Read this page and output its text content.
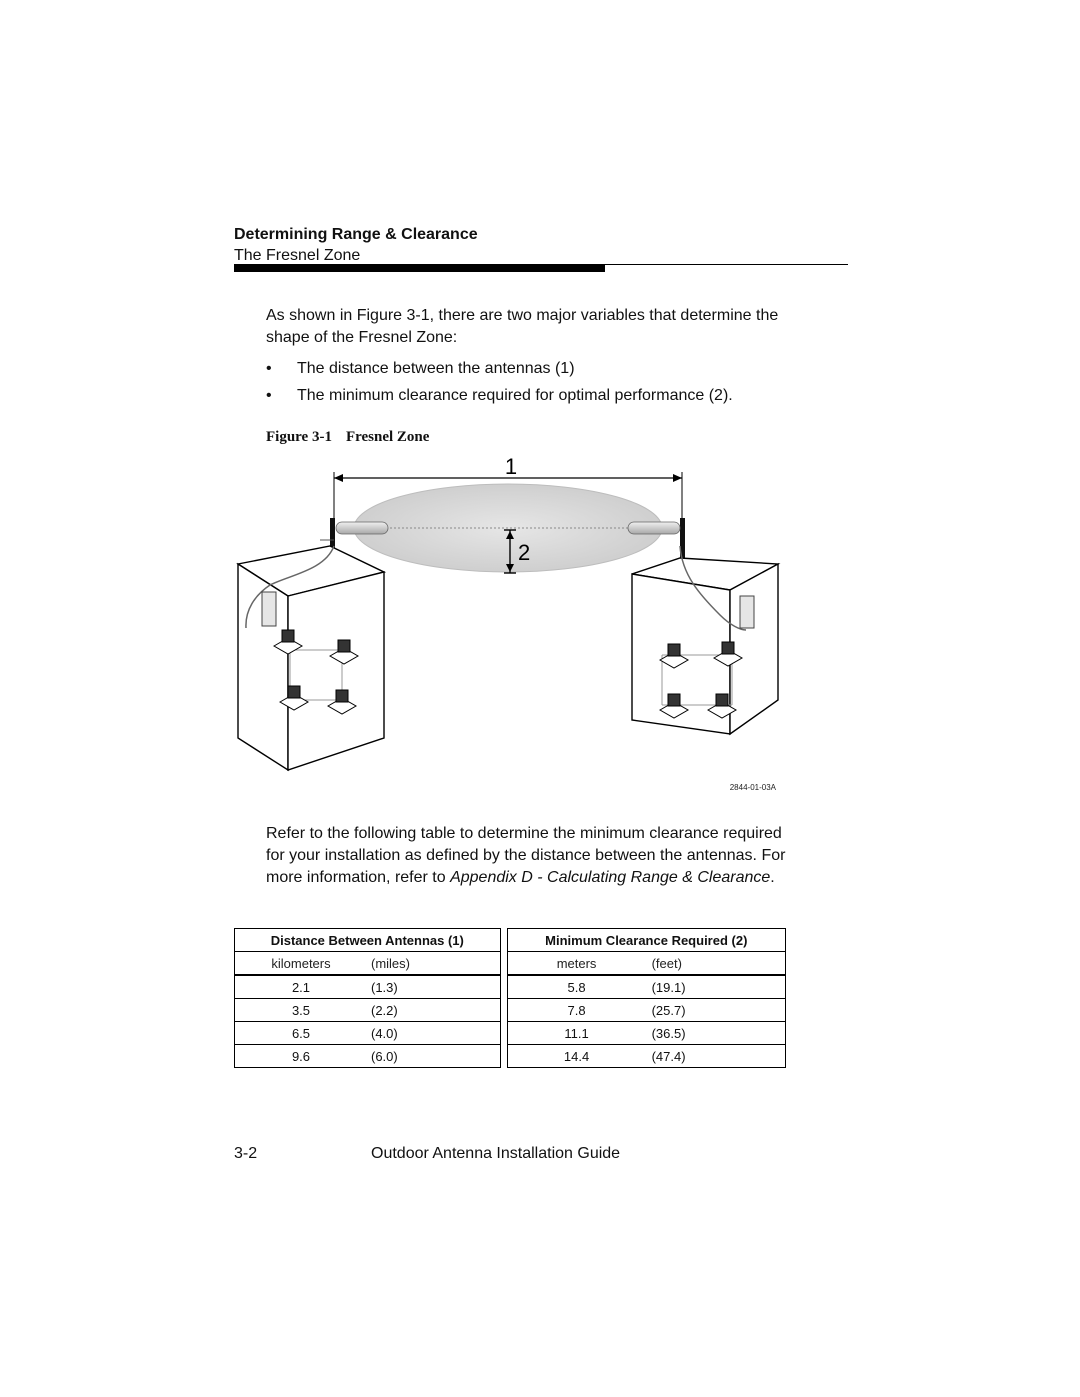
Determining Range & Clearance
The Fresnel Zone
As shown in Figure 3-1, there are two major variables that determine the shape of the Fresnel Zone:
• The distance between the antennas (1)
• The minimum clearance required for optimal performance (2).
Figure 3-1 Fresnel Zone
1
2
2844-01-03A
Refer to the following table to determine the minimum clearance required for your installation as defined by the distance between the antennas. For more information, refer to Appendix D - Calculating Range & Clearance.
Distance Between Antennas (1)			Minimum Clearance Required (2)	
kilometers	(miles)		meters	(feet)
2.1	(1.3)		5.8	(19.1)
3.5	(2.2)		7.8	(25.7)
6.5	(4.0)		11.1	(36.5)
9.6	(6.0)		14.4	(47.4)
3-2	Outdoor Antenna Installation Guide
